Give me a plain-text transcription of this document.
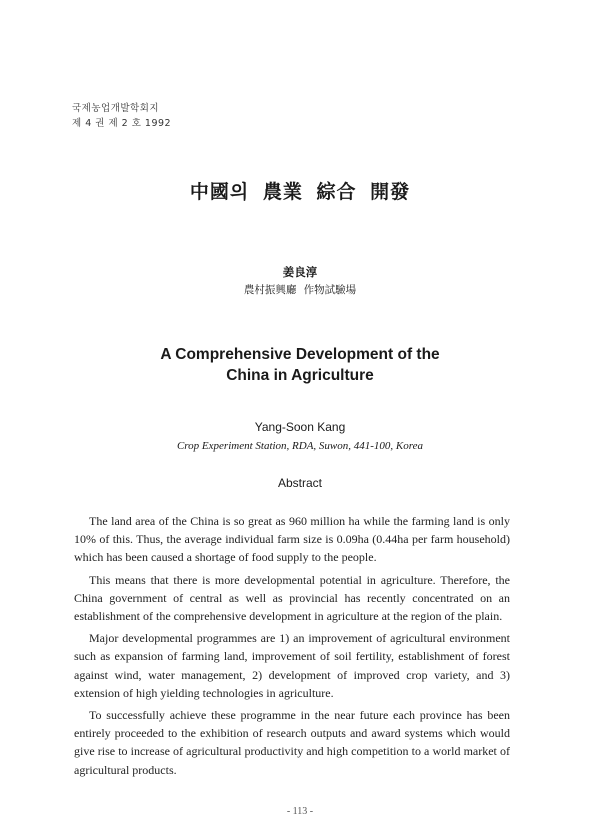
국제농업개발학회지
제 4 권 제 2 호 1992
中國의 農業 綜合 開發
姜良淳
農村振興廳 作物試驗場
A Comprehensive Development of the
China in Agriculture
Yang-Soon Kang
Crop Experiment Station, RDA, Suwon, 441-100, Korea
Abstract

The land area of the China is so great as 960 million ha while the farming land is only 10% of this. Thus, the average individual farm size is 0.09ha (0.44ha per farm household) which has been caused a shortage of food supply to the people.

This means that there is more developmental potential in agriculture. Therefore, the China government of central as well as provincial has recently concentrated on an establishment of the comprehensive development in agriculture at the region of the plain.

Major developmental programmes are 1) an improvement of agricultural environment such as expansion of farming land, improvement of soil fertility, establishment of forest against wind, water management, 2) development of improved crop variety, and 3) extension of high yielding technologies in agriculture.

To successfully achieve these programme in the near future each province has been entirely proceeded to the exhibition of research outputs and award systems which would give rise to increase of agricultural productivity and high competition to a world market of agricultural products.

- 113 -
